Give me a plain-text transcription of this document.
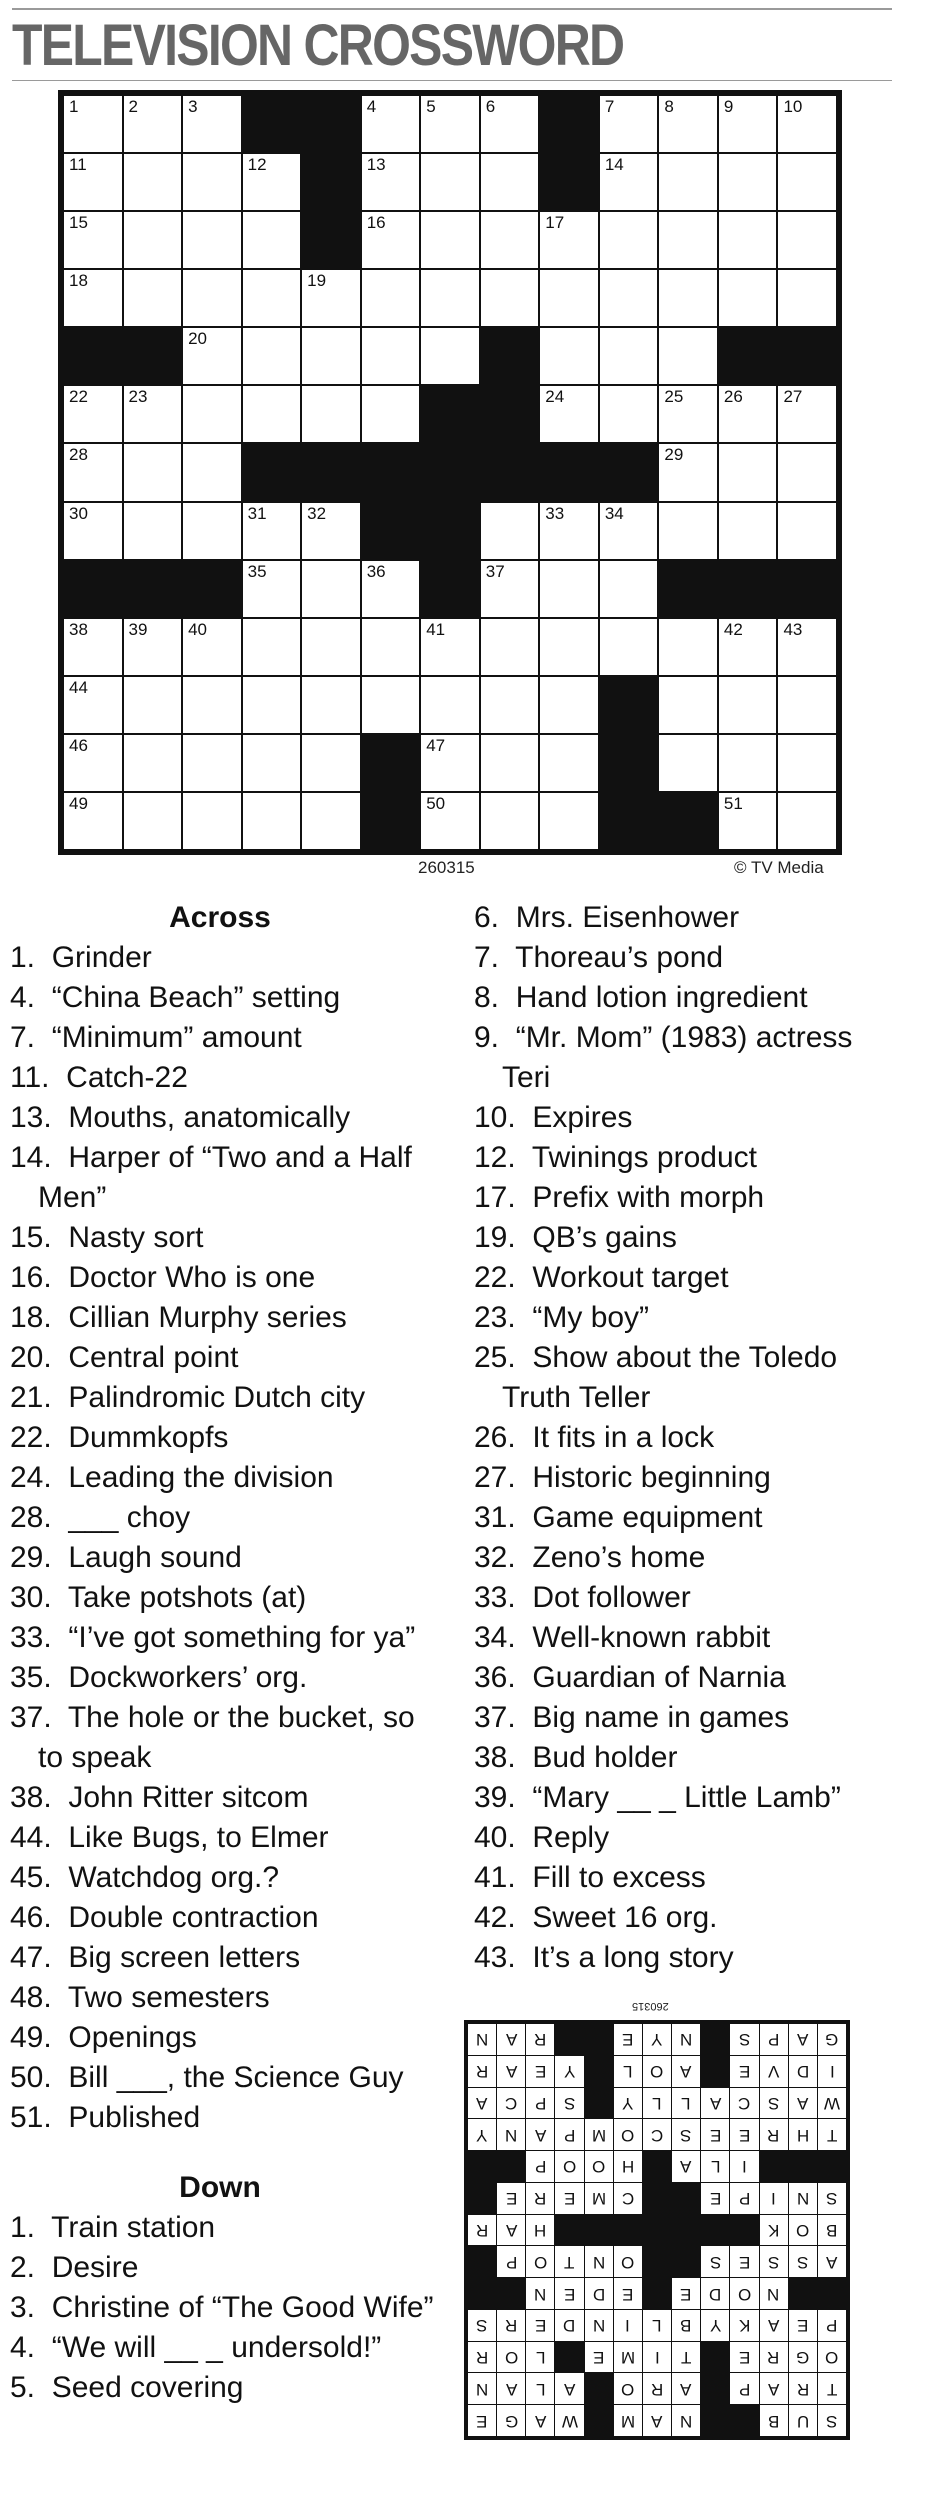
TELEVISION CROSSWORD
1	2	3	4	5	6	7	8	9	10
11	12	13	14
15	16	17
18	19
20
22 23	24	25 26 27
28	29
30	31 32	33 34
35	36	37
38 39 40	41	42 43
44
46	47
49	50	51
260315	© TV Media
Across
1.  Grinder
4.  “China Beach” setting
7.  “Minimum” amount
11.  Catch-22
13.  Mouths, anatomically
14.  Harper of “Two and a Half Men”
15.  Nasty sort
16.  Doctor Who is one
18.  Cillian Murphy series
20.  Central point
21.  Palindromic Dutch city
22.  Dummkopfs
24.  Leading the division
28.  ___ choy
29.  Laugh sound
30.  Take potshots (at)
33.  “I’ve got something for ya”
35.  Dockworkers’ org.
37.  The hole or the bucket, so to speak
38.  John Ritter sitcom
44.  Like Bugs, to Elmer
45.  Watchdog org.?
46.  Double contraction
47.  Big screen letters
48.  Two semesters
49.  Openings
50.  Bill ___, the Science Guy
51.  Published
Down
1.  Train station
2.  Desire
3.  Christine of “The Good Wife”
4.  “We will __ _ undersold!”
5.  Seed covering
6.  Mrs. Eisenhower
7.  Thoreau’s pond
8.  Hand lotion ingredient
9.  “Mr. Mom” (1983) actress Teri
10.  Expires
12.  Twinings product
17.  Prefix with morph
19.  QB’s gains
22.  Workout target
23.  “My boy”
25.  Show about the Toledo Truth Teller
26.  It fits in a lock
27.  Historic beginning
31.  Game equipment
32.  Zeno’s home
33.  Dot follower
34.  Well-known rabbit
36.  Guardian of Narnia
37.  Big name in games
38.  Bud holder
39.  “Mary __ _ Little Lamb”
40.  Reply
41.  Fill to excess
42.  Sweet 16 org.
43.  It’s a long story
260315
S
U
B
N
A
M
W
A
G
E
T
R
A
P
A
R
O
A
L
A
N
O
G
R
E
T
I
M
E
L
O
R
P
E
A
K
Y
B
L
I
N
D
E
R
S
N
O
D
E
E
D
E
N
A
S
S
E
S
O
N
T
O
P
B
O
K
H
A
R
S
N
I
P
E
C
M
E
R
E
I
L
A
H
O
O
P
T
H
R
E
E
S
C
O
M
P
A
N
Y
W
A
S
C
A
L
L
Y
S
P
C
A
I
D
V
E
A
O
L
Y
E
A
R
G
A
P
S
N
Y
E
R
A
N
